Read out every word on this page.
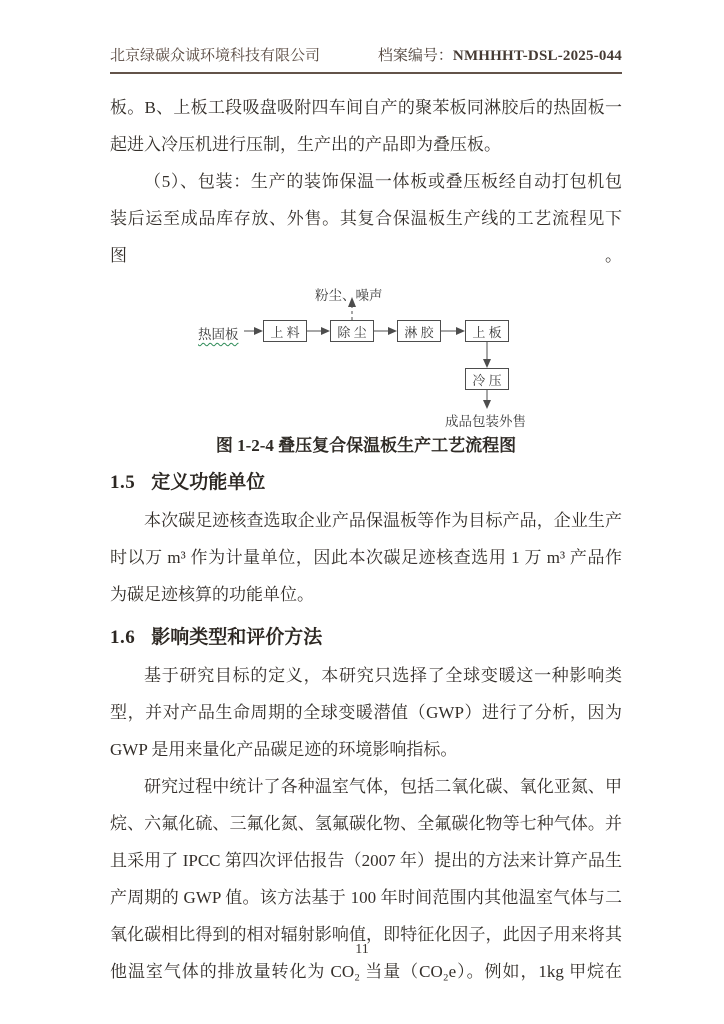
北京绿碳众诚环境科技有限公司	档案编号：NMHHHT-DSL-2025-044
板。B、上板工段吸盘吸附四车间自产的聚苯板同淋胶后的热固板一
起进入冷压机进行压制，生产出的产品即为叠压板。
（5）、包装：生产的装饰保温一体板或叠压板经自动打包机包
装后运至成品库存放、外售。其复合保温板生产线的工艺流程见下图。
粉尘、噪声
热固板	上 料	除 尘	淋 胶	上 板
冷 压
成品包装外售
图 1-2-4 叠压复合保温板生产工艺流程图
1.5 定义功能单位
本次碳足迹核查选取企业产品保温板等作为目标产品，企业生产
时以万 m³ 作为计量单位，因此本次碳足迹核查选用 1 万 m³ 产品作
为碳足迹核算的功能单位。
1.6 影响类型和评价方法
基于研究目标的定义，本研究只选择了全球变暖这一种影响类
型，并对产品生命周期的全球变暖潜值（GWP）进行了分析，因为
GWP 是用来量化产品碳足迹的环境影响指标。
研究过程中统计了各种温室气体，包括二氧化碳、氧化亚氮、甲
烷、六氟化硫、三氟化氮、氢氟碳化物、全氟碳化物等七种气体。并
且采用了 IPCC 第四次评估报告（2007 年）提出的方法来计算产品生
产周期的 GWP 值。该方法基于 100 年时间范围内其他温室气体与二
氧化碳相比得到的相对辐射影响值，即特征化因子，此因子用来将其
他温室气体的排放量转化为 CO₂ 当量（CO₂e）。例如，1kg 甲烷在
11
